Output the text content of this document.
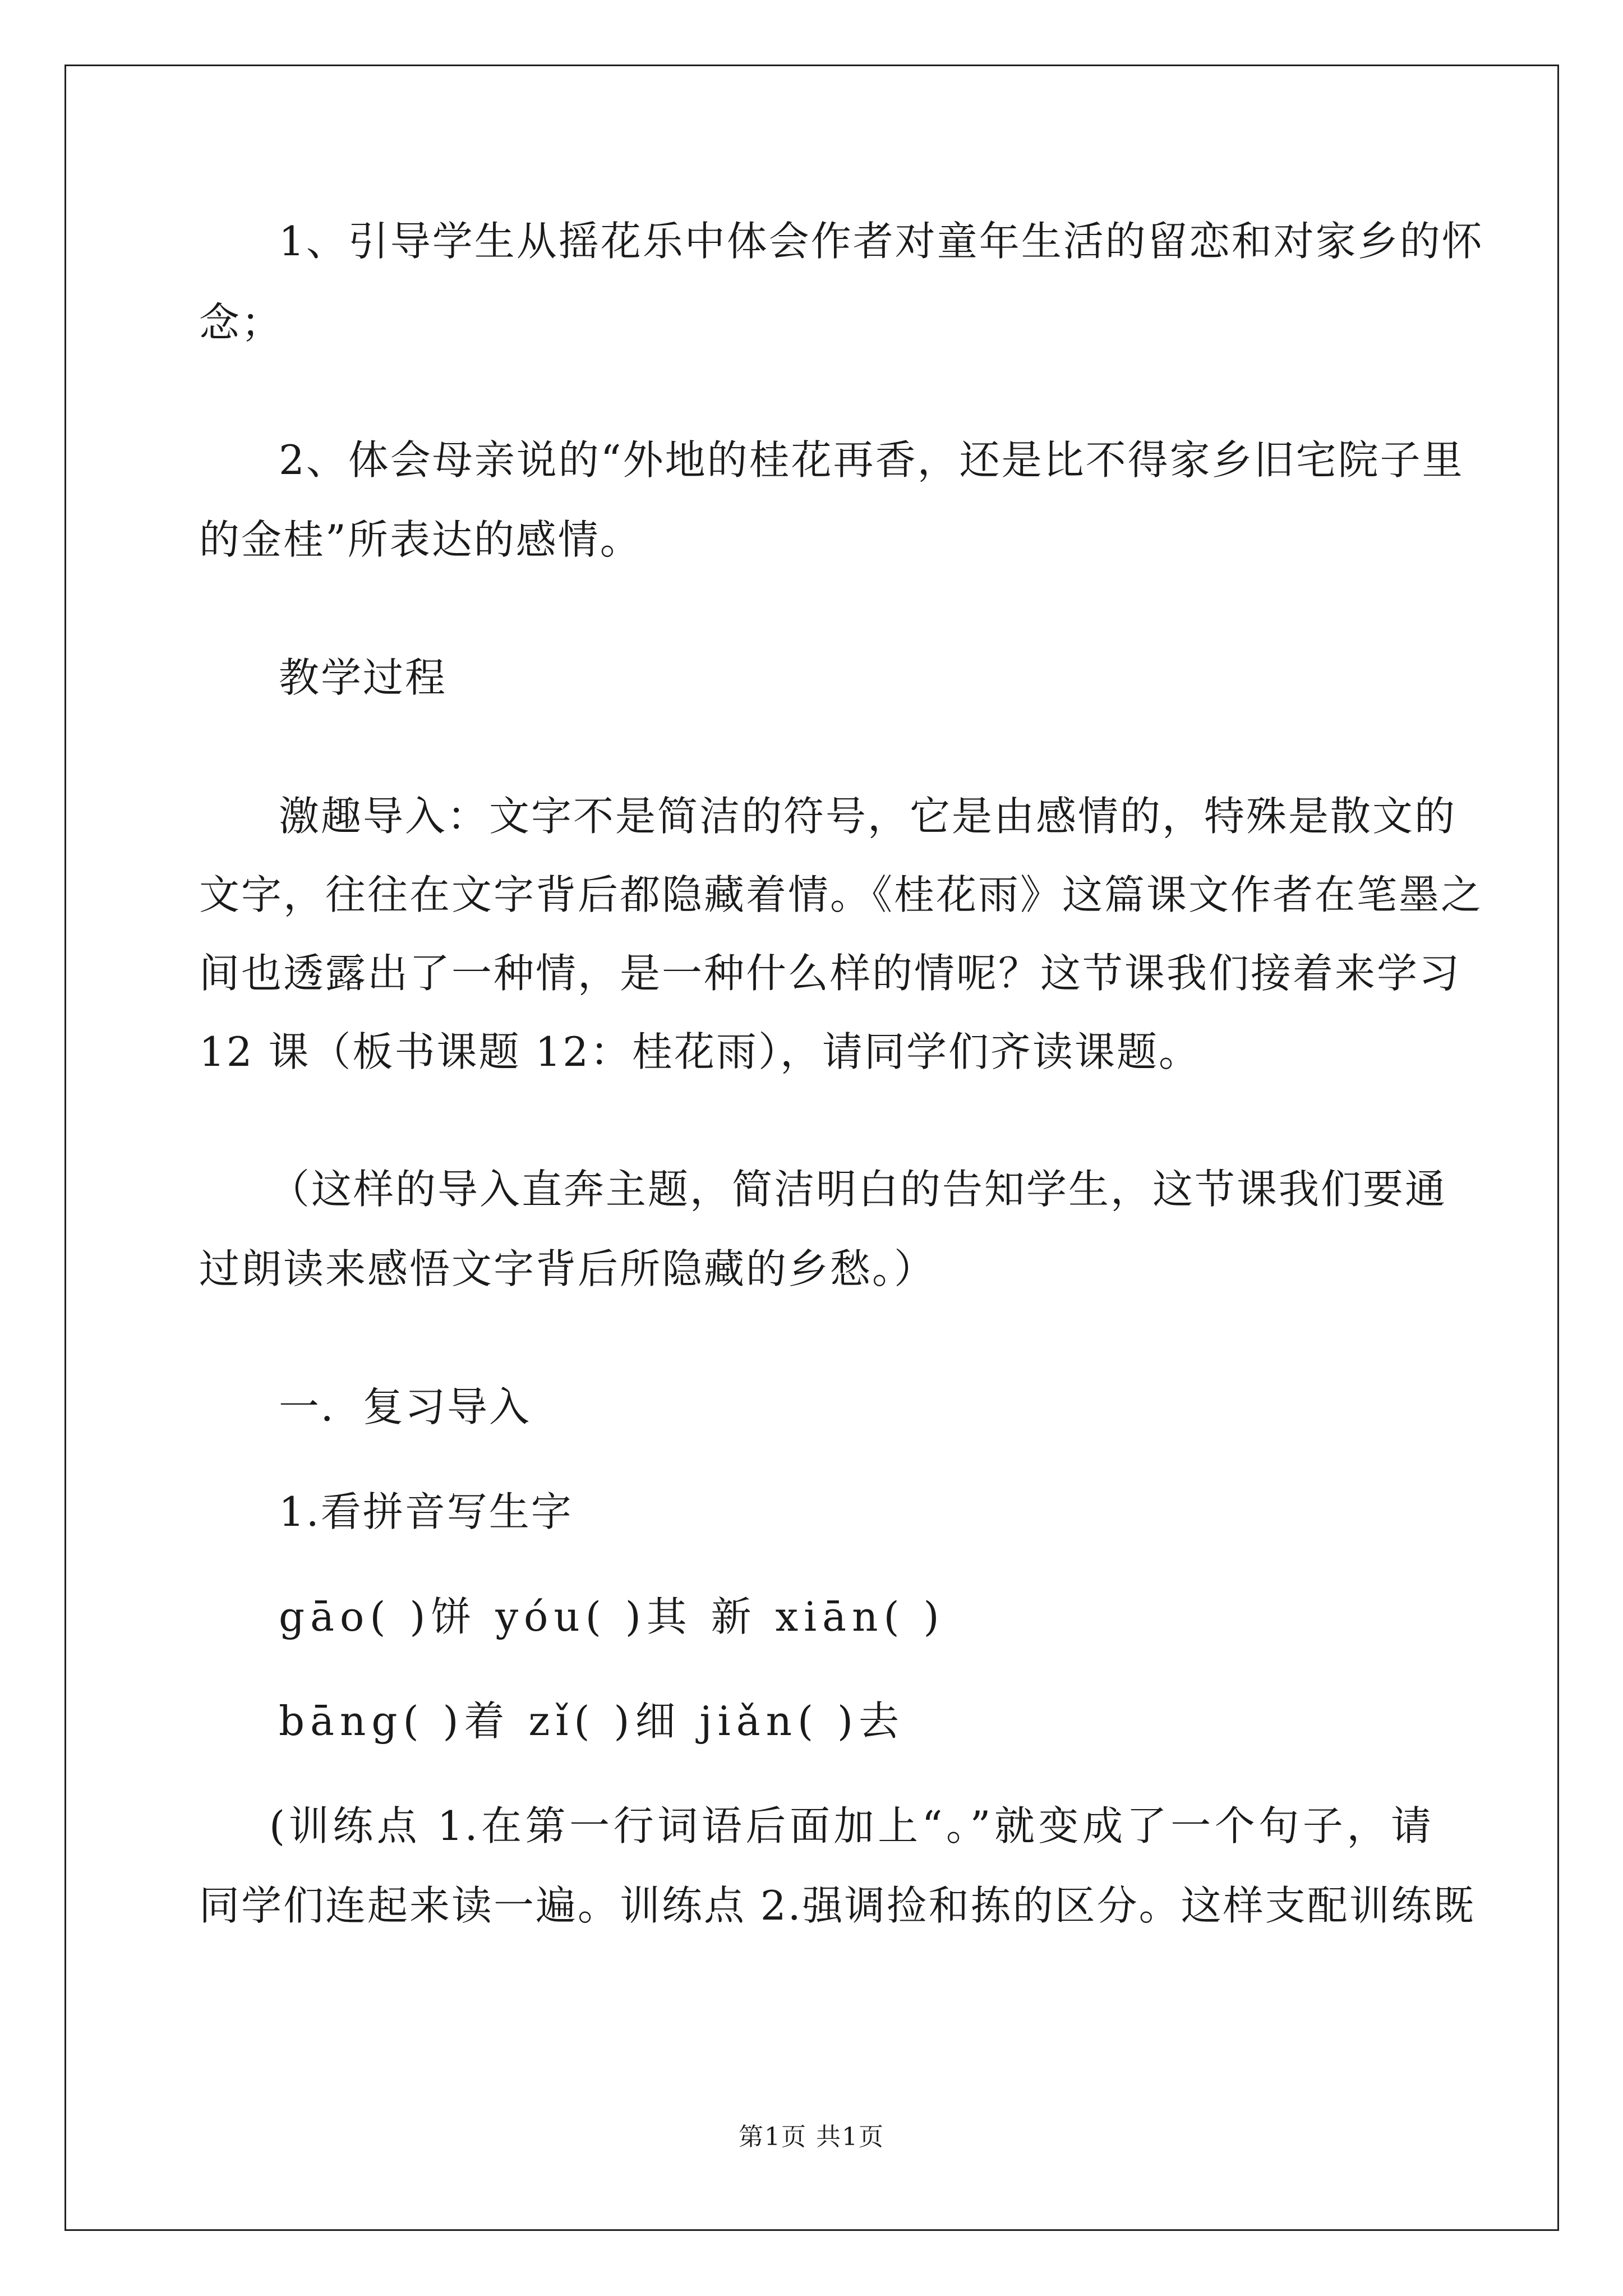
1、引导学生从摇花乐中体会作者对童年生活的留恋和对家乡的怀
念；
2、体会母亲说的“外地的桂花再香，还是比不得家乡旧宅院子里
的金桂”所表达的感情。
教学过程
激趣导入：文字不是简洁的符号，它是由感情的，特殊是散文的
文字，往往在文字背后都隐藏着情。《桂花雨》这篇课文作者在笔墨之
间也透露出了一种情，是一种什么样的情呢？这节课我们接着来学习
12 课（板书课题 12：桂花雨），请同学们齐读课题。
（这样的导入直奔主题，简洁明白的告知学生，这节课我们要通
过朗读来感悟文字背后所隐藏的乡愁。）
一．复习导入
1.看拼音写生字
gāo( )饼 yóu( )其 新 xiān( )
bāng( )着 zǐ( )细 jiǎn( )去
(训练点 1.在第一行词语后面加上“。”就变成了一个句子，请
同学们连起来读一遍。训练点 2.强调捡和拣的区分。这样支配训练既
第1页 共1页
